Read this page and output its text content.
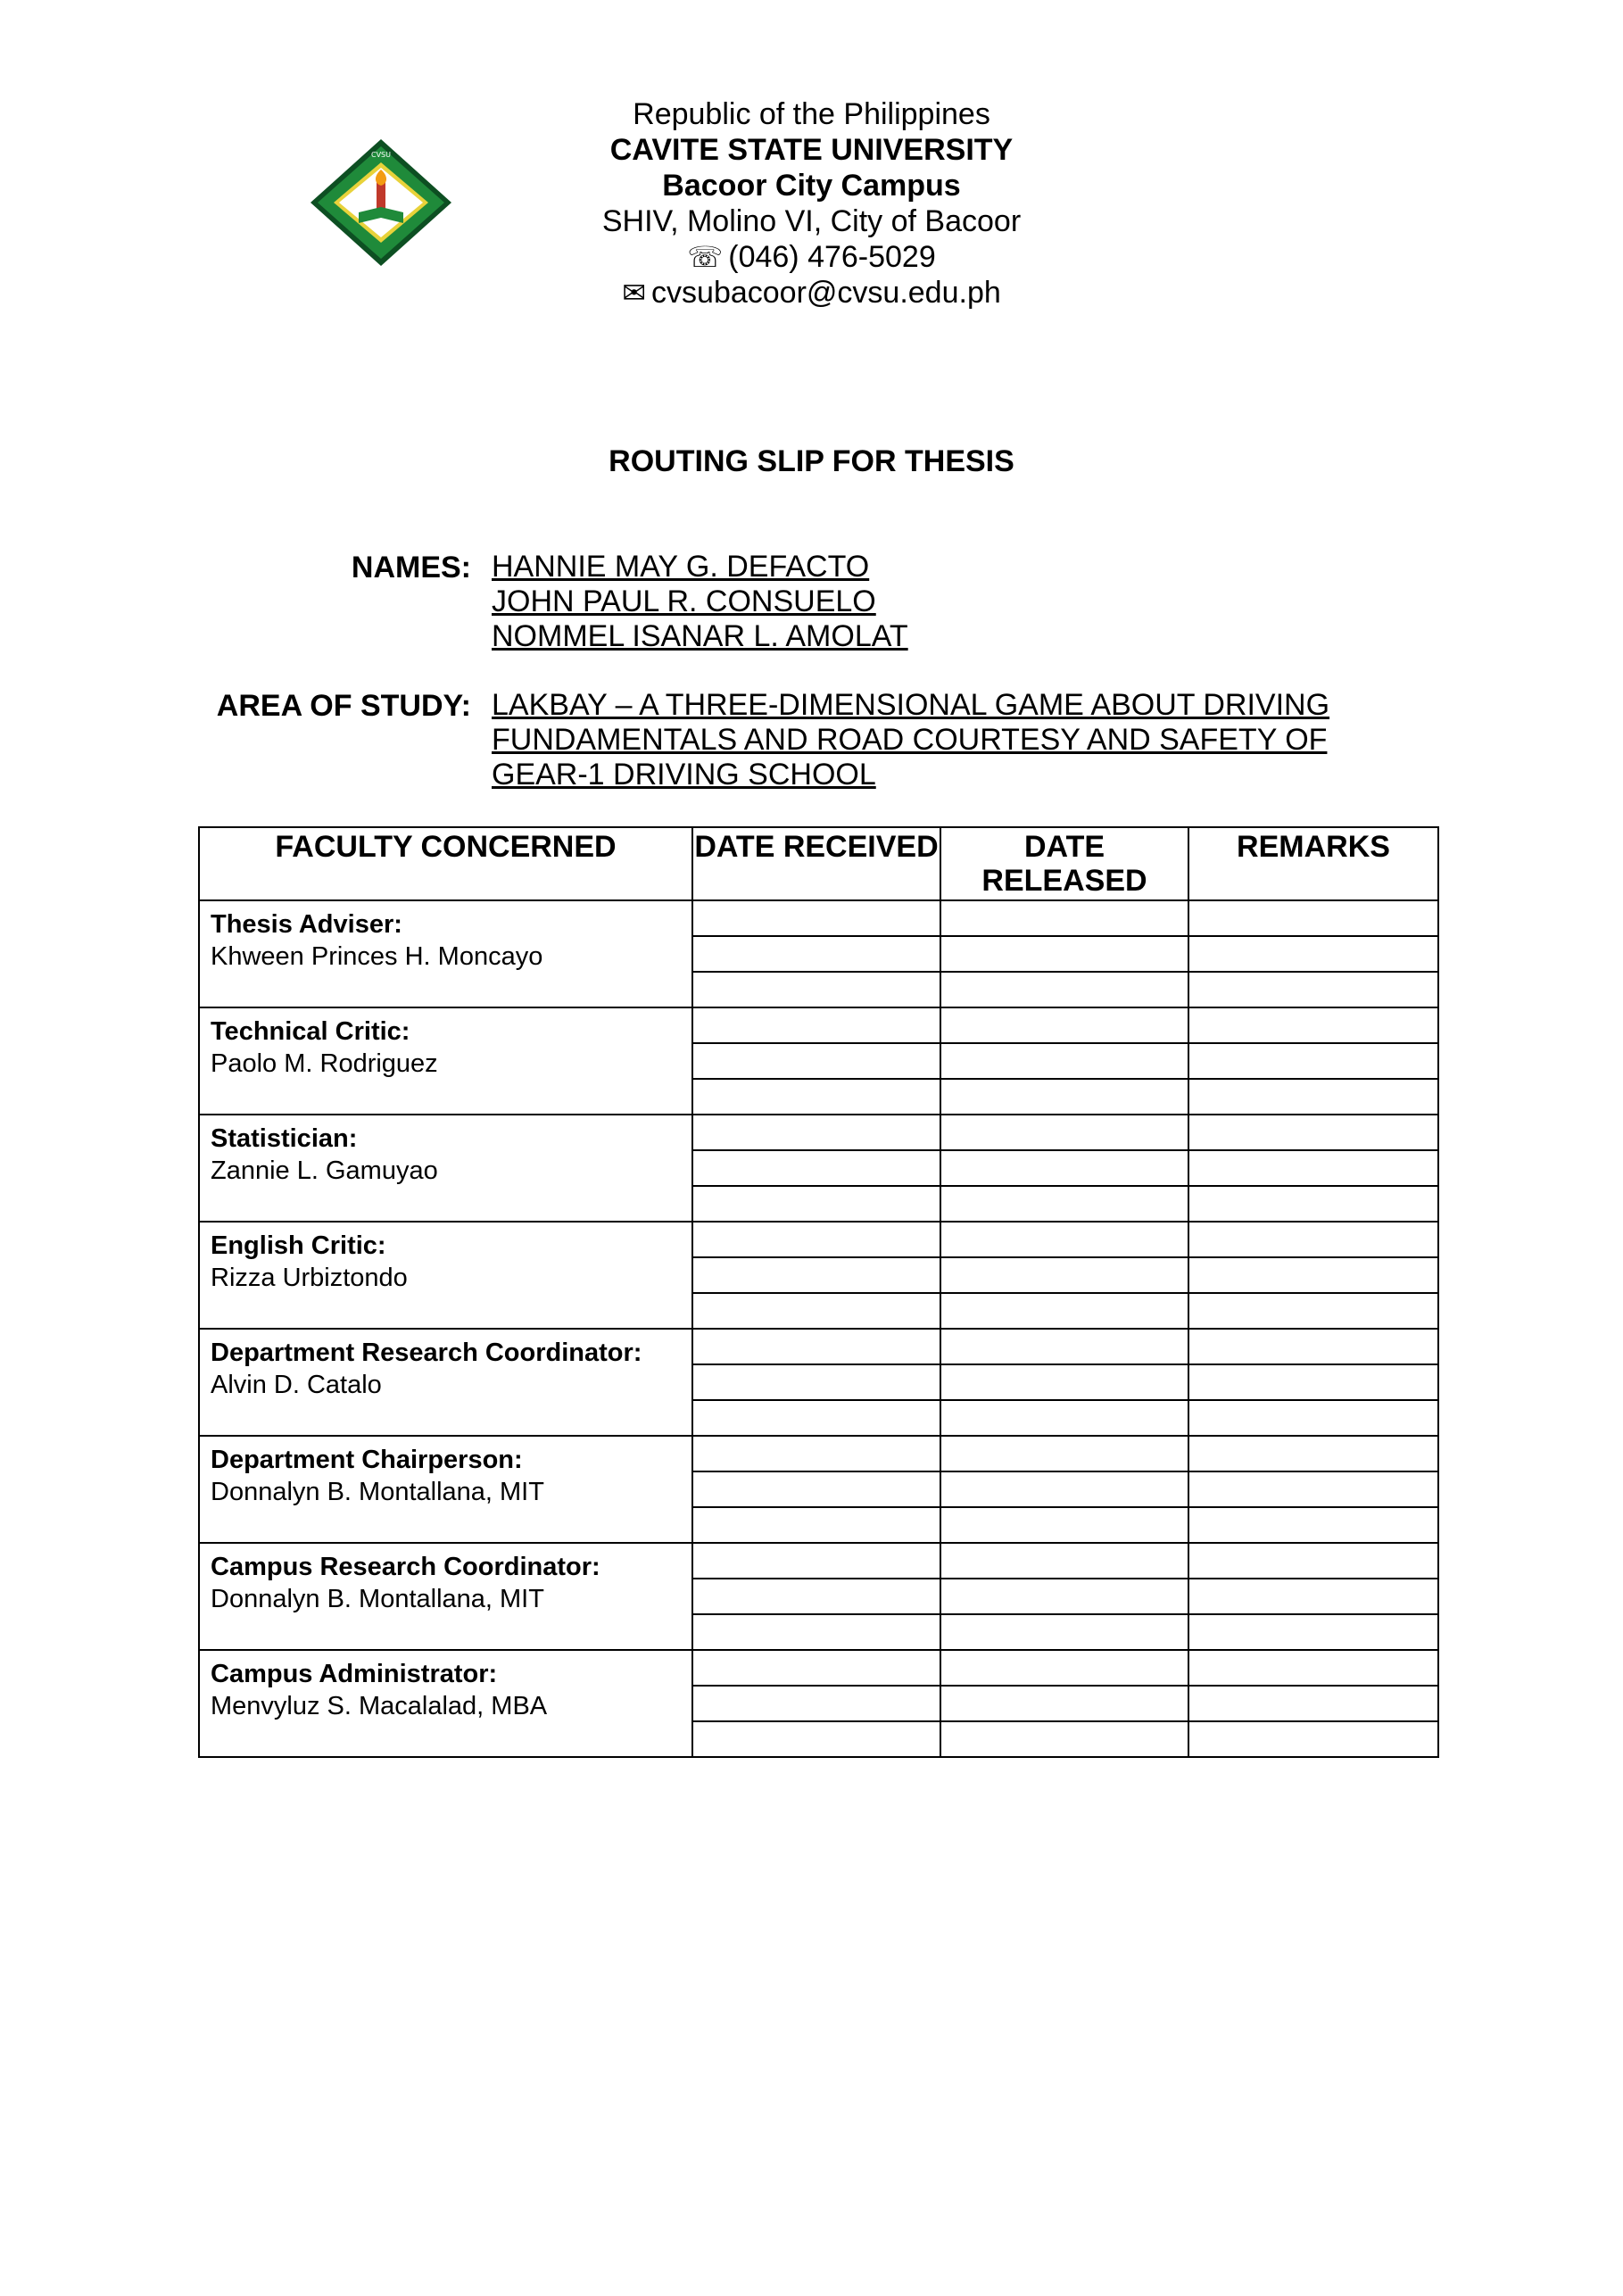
CVSU
Republic of the Philippines
CAVITE STATE UNIVERSITY
Bacoor City Campus
SHIV, Molino VI, City of Bacoor
☏ (046) 476-5029
✉ cvsubacoor@cvsu.edu.ph
ROUTING SLIP FOR THESIS
NAMES: HANNIE MAY G. DEFACTO
JOHN PAUL R. CONSUELO
NOMMEL ISANAR L. AMOLAT
AREA OF STUDY: LAKBAY – A THREE-DIMENSIONAL GAME ABOUT DRIVING
FUNDAMENTALS AND ROAD COURTESY AND SAFETY OF
GEAR-1 DRIVING SCHOOL
FACULTY CONCERNED	DATE RECEIVED	DATE RELEASED	REMARKS

Thesis Adviser:
Khween Princes H. Moncayo			

Technical Critic:
Paolo M. Rodriguez			

Statistician:
Zannie L. Gamuyao			

English Critic:
Rizza Urbiztondo			

Department Research Coordinator:
Alvin D. Catalo			

Department Chairperson:
Donnalyn B. Montallana, MIT			

Campus Research Coordinator:
Donnalyn B. Montallana, MIT			

Campus Administrator:
Menvyluz S. Macalalad, MBA			
